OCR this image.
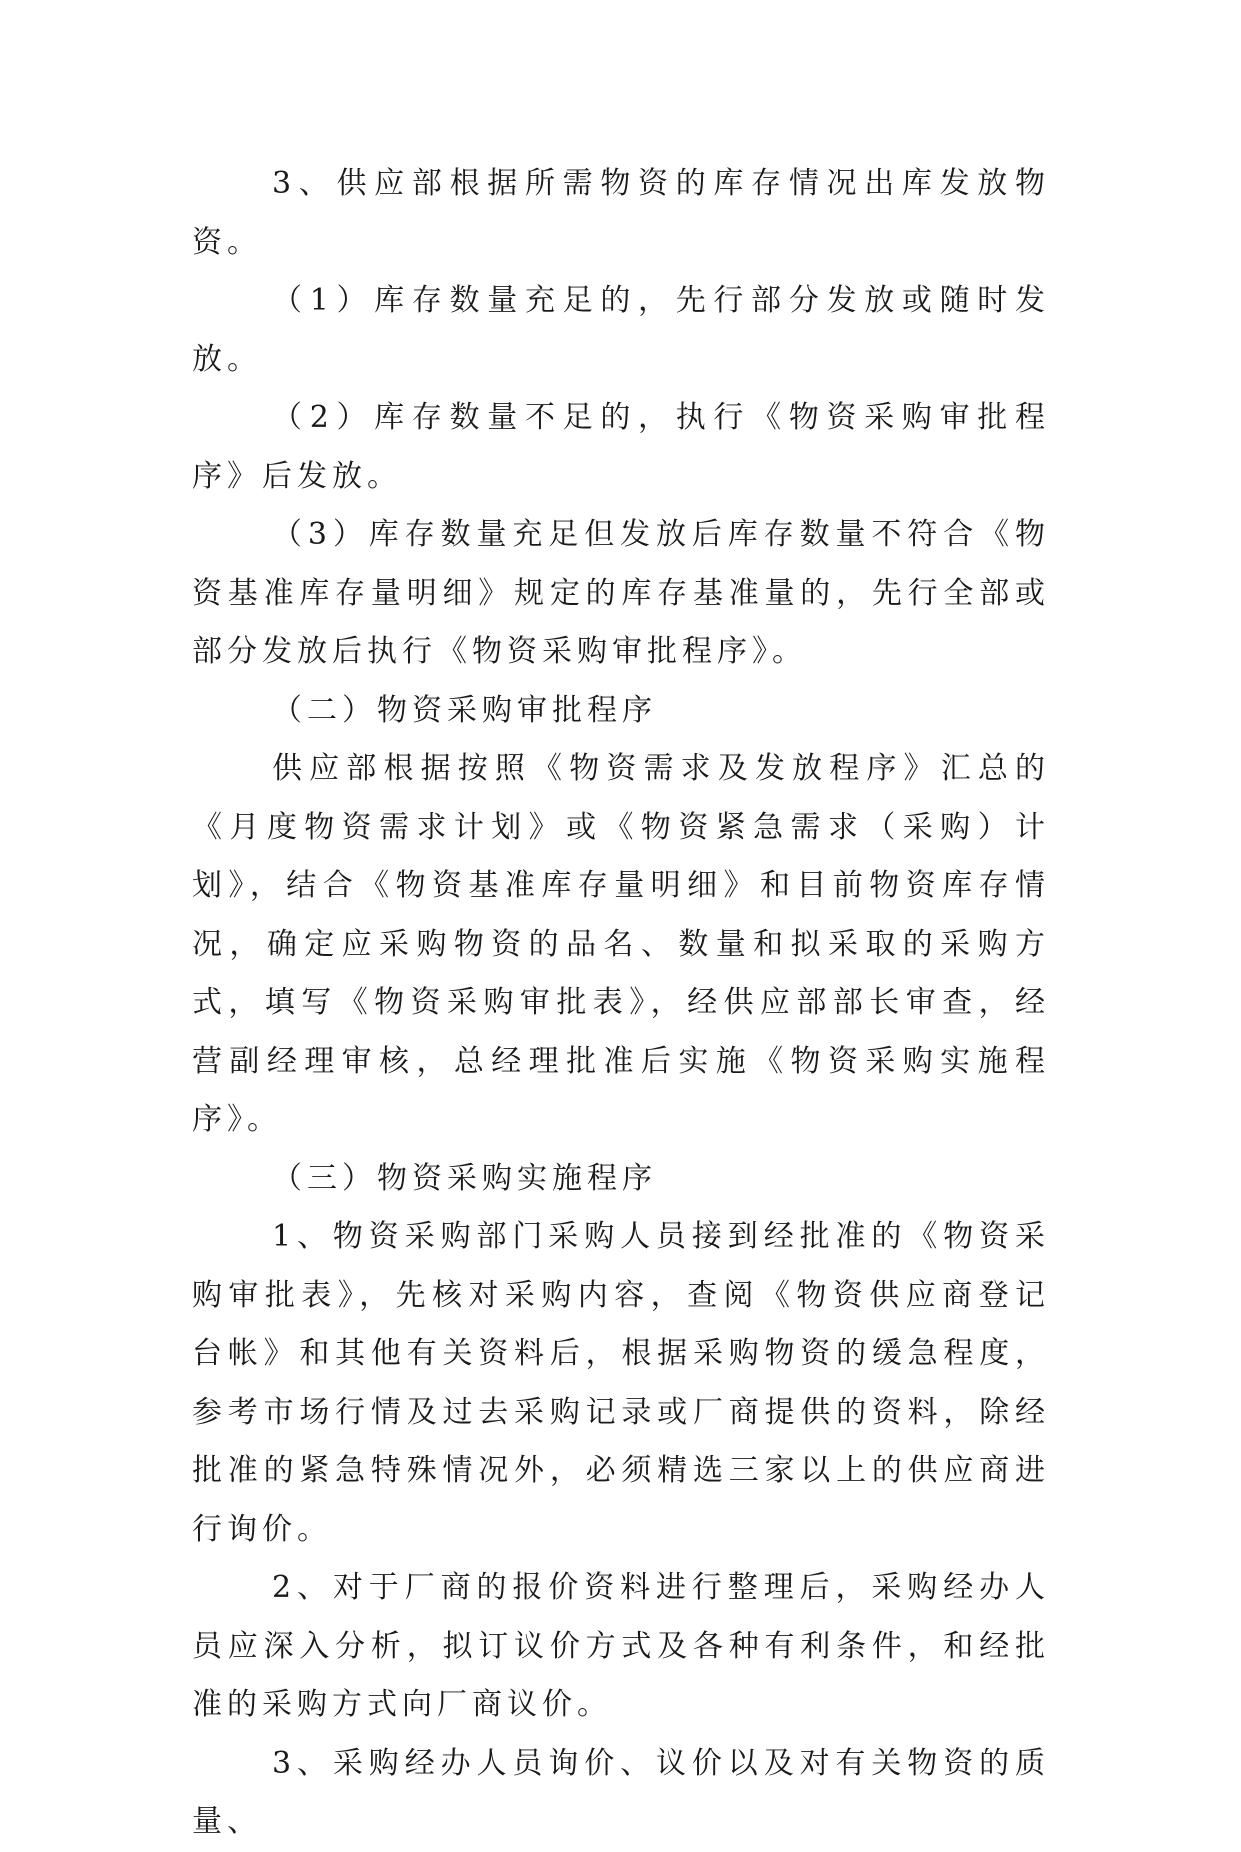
3、供应部根据所需物资的库存情况出库发放物资。

（1）库存数量充足的，先行部分发放或随时发放。

（2）库存数量不足的，执行《物资采购审批程序》后发放。

（3）库存数量充足但发放后库存数量不符合《物资基准库存量明细》规定的库存基准量的，先行全部或部分发放后执行《物资采购审批程序》。

（二）物资采购审批程序

供应部根据按照《物资需求及发放程序》汇总的《月度物资需求计划》或《物资紧急需求（采购）计划》，结合《物资基准库存量明细》和目前物资库存情况，确定应采购物资的品名、数量和拟采取的采购方式，填写《物资采购审批表》，经供应部部长审查，经营副经理审核，总经理批准后实施《物资采购实施程序》。

（三）物资采购实施程序

1、物资采购部门采购人员接到经批准的《物资采购审批表》，先核对采购内容，查阅《物资供应商登记台帐》和其他有关资料后，根据采购物资的缓急程度，参考市场行情及过去采购记录或厂商提供的资料，除经批准的紧急特殊情况外，必须精选三家以上的供应商进行询价。

2、对于厂商的报价资料进行整理后，采购经办人员应深入分析，拟订议价方式及各种有利条件，和经批准的采购方式向厂商议价。

3、采购经办人员询价、议价以及对有关物资的质量、
